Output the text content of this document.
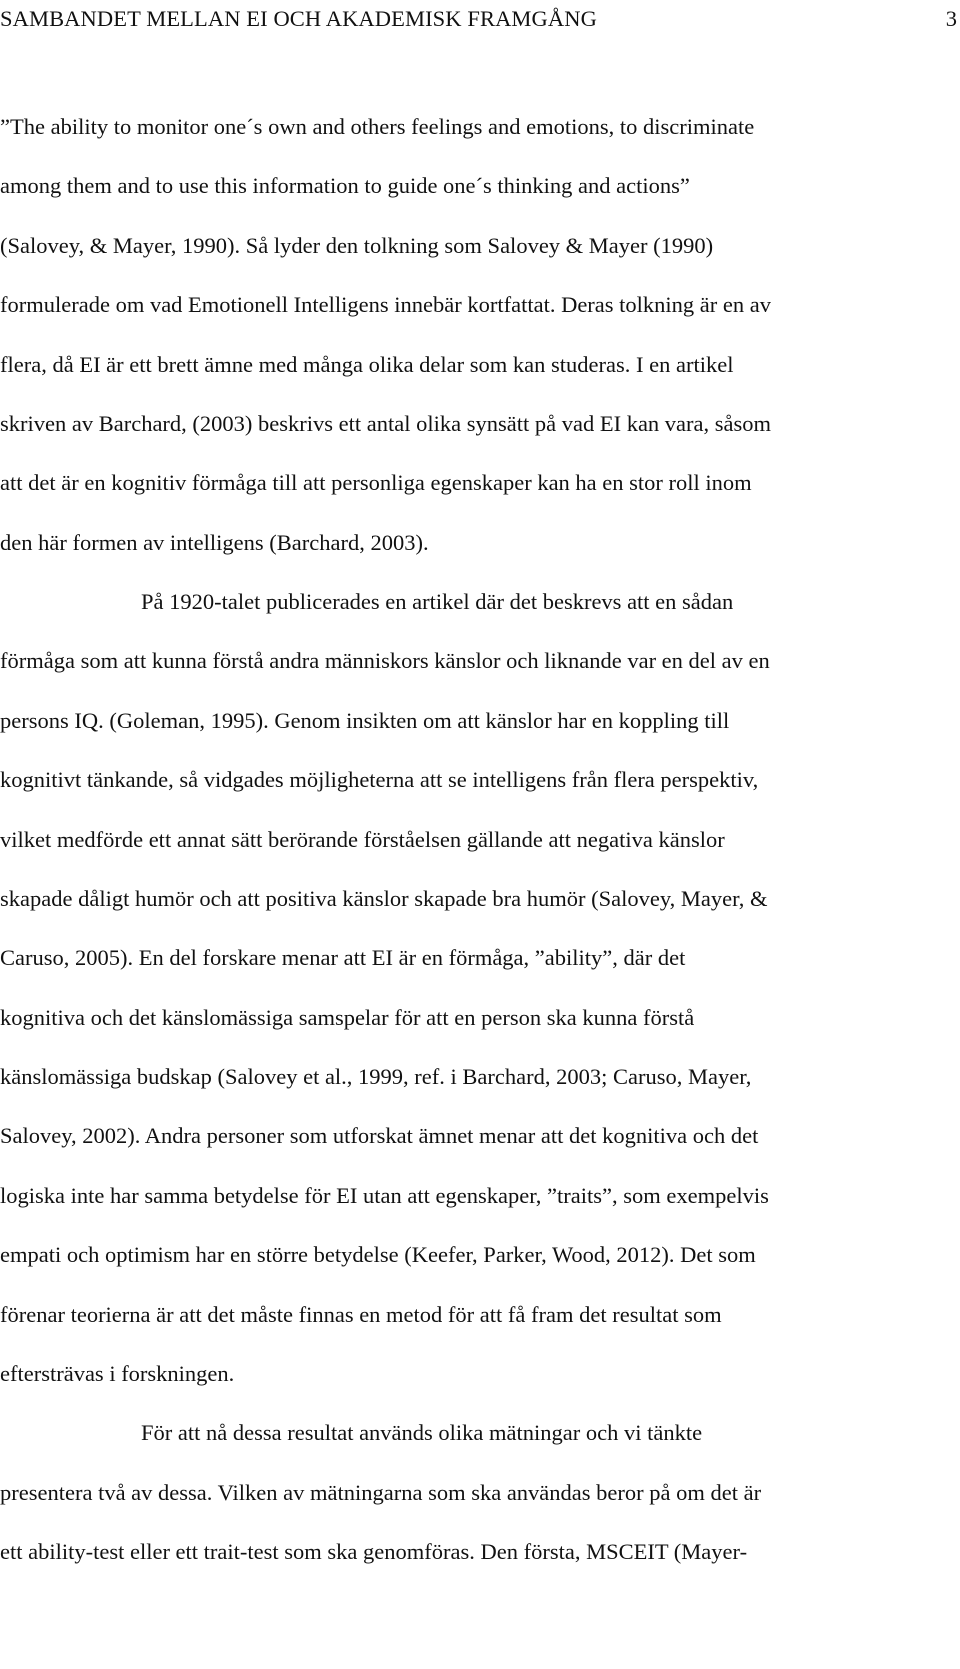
SAMBANDET MELLAN EI OCH AKADEMISK FRAMGÅNG	3
”The ability to monitor one´s own and others feelings and emotions, to discriminate
among them and to use this information to guide one´s thinking and actions”
(Salovey, & Mayer, 1990). Så lyder den tolkning som Salovey & Mayer (1990)
formulerade om vad Emotionell Intelligens innebär kortfattat. Deras tolkning är en av
flera, då EI är ett brett ämne med många olika delar som kan studeras. I en artikel
skriven av Barchard, (2003) beskrivs ett antal olika synsätt på vad EI kan vara, såsom
att det är en kognitiv förmåga till att personliga egenskaper kan ha en stor roll inom
den här formen av intelligens (Barchard, 2003).
På 1920-talet publicerades en artikel där det beskrevs att en sådan
förmåga som att kunna förstå andra människors känslor och liknande var en del av en
persons IQ. (Goleman, 1995). Genom insikten om att känslor har en koppling till
kognitivt tänkande, så vidgades möjligheterna att se intelligens från flera perspektiv,
vilket medförde ett annat sätt berörande förståelsen gällande att negativa känslor
skapade dåligt humör och att positiva känslor skapade bra humör (Salovey, Mayer, &
Caruso, 2005). En del forskare menar att EI är en förmåga, ”ability”, där det
kognitiva och det känslomässiga samspelar för att en person ska kunna förstå
känslomässiga budskap (Salovey et al., 1999, ref. i Barchard, 2003; Caruso, Mayer,
Salovey, 2002). Andra personer som utforskat ämnet menar att det kognitiva och det
logiska inte har samma betydelse för EI utan att egenskaper, ”traits”, som exempelvis
empati och optimism har en större betydelse (Keefer, Parker, Wood, 2012). Det som
förenar teorierna är att det måste finnas en metod för att få fram det resultat som
eftersträvas i forskningen.
För att nå dessa resultat används olika mätningar och vi tänkte
presentera två av dessa. Vilken av mätningarna som ska användas beror på om det är
ett ability-test eller ett trait-test som ska genomföras. Den första, MSCEIT (Mayer-
